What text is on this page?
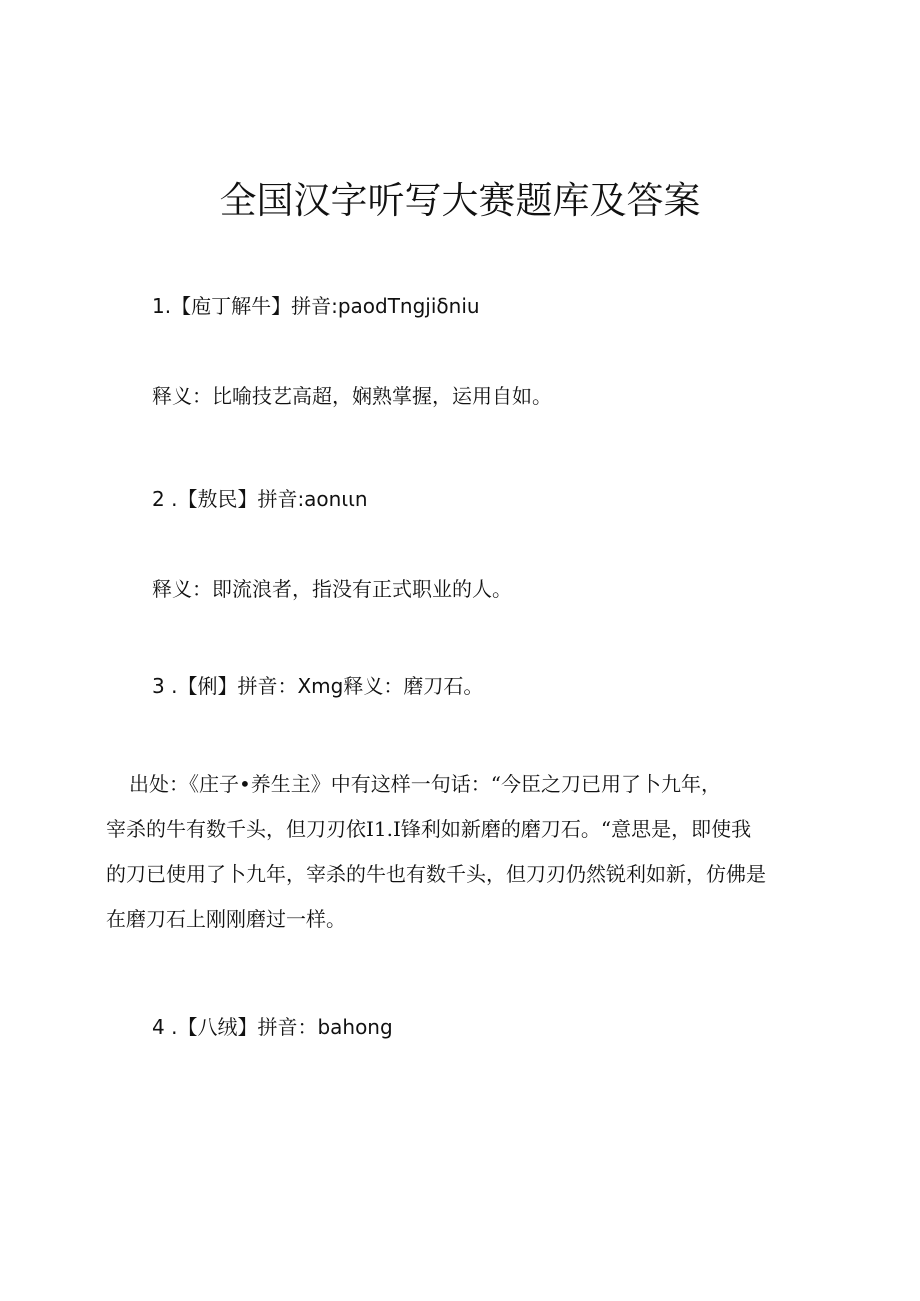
全国汉字听写大赛题库及答案
1.【庖丁解牛】拼音:paodTngjiδniu
释义：比喻技艺高超，娴熟掌握，运用自如。
2 .【敖民】拼音:aonιιn
释义：即流浪者，指没有正式职业的人。
3 .【俐】拼音：Xmg释义：磨刀石。
出处：《庄子•养生主》中有这样一句话：“今臣之刀已用了卜九年，
宰杀的牛有数千头，但刀刃依I1.I锋利如新磨的磨刀石。“意思是，即使我
的刀已使用了卜九年，宰杀的牛也有数千头，但刀刃仍然锐利如新，仿佛是
在磨刀石上刚刚磨过一样。
4 .【八绒】拼音：bahong
